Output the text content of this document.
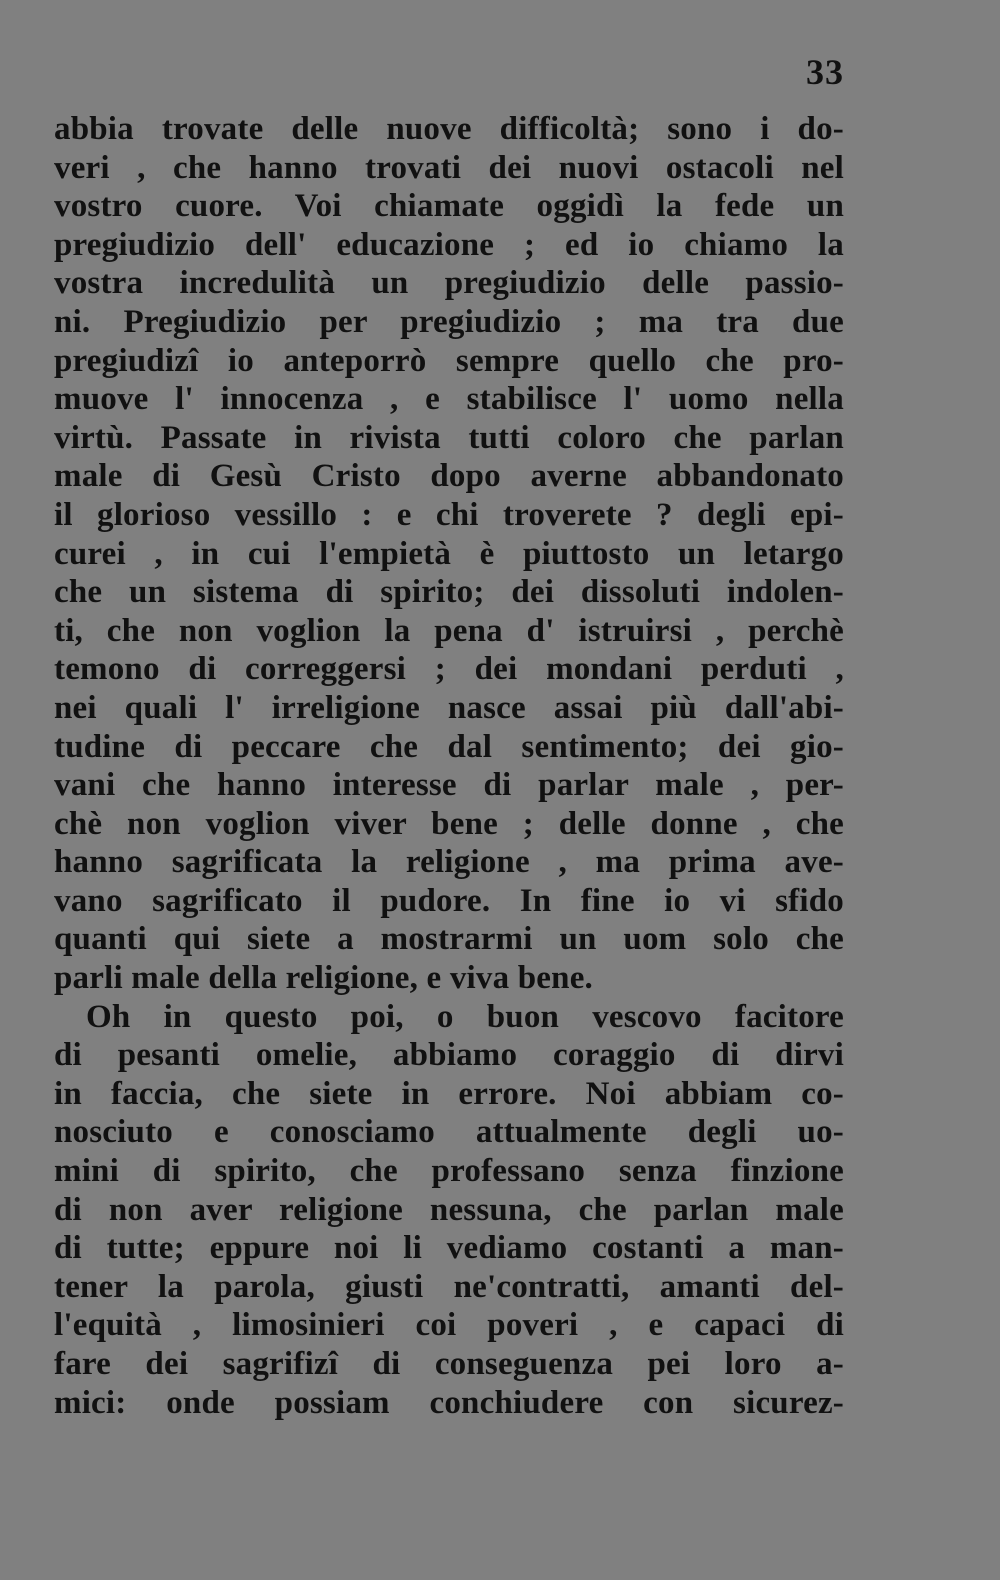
33
abbia trovate delle nuove difficoltà; sono i do-
veri , che hanno trovati dei nuovi ostacoli nel
vostro cuore. Voi chiamate oggidì la fede un
pregiudizio dell' educazione ; ed io chiamo la
vostra incredulità un pregiudizio delle passio-
ni. Pregiudizio per pregiudizio ; ma tra due
pregiudizî io anteporrò sempre quello che pro-
muove l' innocenza , e stabilisce l' uomo nella
virtù. Passate in rivista tutti coloro che parlan
male di Gesù Cristo dopo averne abbandonato
il glorioso vessillo : e chi troverete ? degli epi-
curei , in cui l'empietà è piuttosto un letargo
che un sistema di spirito; dei dissoluti indolen-
ti, che non voglion la pena d' istruirsi , perchè
temono di correggersi ; dei mondani perduti ,
nei quali l' irreligione nasce assai più dall'abi-
tudine di peccare che dal sentimento; dei gio-
vani che hanno interesse di parlar male , per-
chè non voglion viver bene ; delle donne , che
hanno sagrificata la religione , ma prima ave-
vano sagrificato il pudore. In fine io vi sfido
quanti qui siete a mostrarmi un uom solo che
parli male della religione, e viva bene.
Oh in questo poi, o buon vescovo facitore
di pesanti omelie, abbiamo coraggio di dirvi
in faccia, che siete in errore. Noi abbiam co-
nosciuto e conosciamo attualmente degli uo-
mini di spirito, che professano senza finzione
di non aver religione nessuna, che parlan male
di tutte; eppure noi li vediamo costanti a man-
tener la parola, giusti ne'contratti, amanti del-
l'equità , limosinieri coi poveri , e capaci di
fare dei sagrifizî di conseguenza pei loro a-
mici: onde possiam conchiudere con sicurez-
